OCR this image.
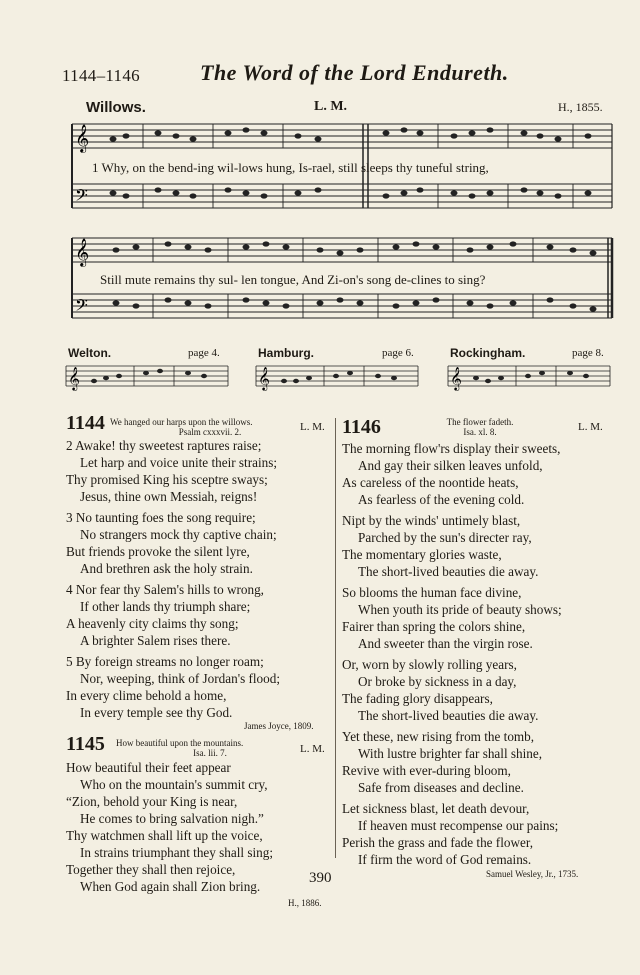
1144–1146	The Word of the Lord Endureth.
Willows.	L. M.	H., 1855.
𝄞
𝄢
1 Why, on the bend-ing wil-lows hung, Is-rael, still sleeps thy tuneful string,
𝄞
𝄢
Still mute remains thy sul- len tongue, And Zi-on's song de-clines to sing?
Welton.	page 4.	Hamburg.	page 6.	Rockingham.	page 8.
𝄞	𝄞	𝄞
1144 We hanged our harps upon the willows.
Psalm cxxxvii. 2.	L. M.
2 Awake! thy sweetest raptures raise;
Let harp and voice unite their strains;
Thy promised King his sceptre sways;
Jesus, thine own Messiah, reigns!
3 No taunting foes the song require;
No strangers mock thy captive chain;
But friends provoke the silent lyre,
And brethren ask the holy strain.
4 Nor fear thy Salem's hills to wrong,
If other lands thy triumph share;
A heavenly city claims thy song;
A brighter Salem rises there.
5 By foreign streams no longer roam;
Nor, weeping, think of Jordan's flood;
In every clime behold a home,
In every temple see thy God.
James Joyce, 1809.
1145 How beautiful upon the mountains.
Isa. lii. 7.	L. M.
How beautiful their feet appear
Who on the mountain's summit cry,
“Zion, behold your King is near,
He comes to bring salvation nigh.”
Thy watchmen shall lift up the voice,
In strains triumphant they shall sing;
Together they shall then rejoice,
When God again shall Zion bring.
H., 1886.
1146	The flower fadeth.
Isa. xl. 8.	L. M.
The morning flow'rs display their sweets,
And gay their silken leaves unfold,
As careless of the noontide heats,
As fearless of the evening cold.
Nipt by the winds' untimely blast,
Parched by the sun's directer ray,
The momentary glories waste,
The short-lived beauties die away.
So blooms the human face divine,
When youth its pride of beauty shows;
Fairer than spring the colors shine,
And sweeter than the virgin rose.
Or, worn by slowly rolling years,
Or broke by sickness in a day,
The fading glory disappears,
The short-lived beauties die away.
Yet these, new rising from the tomb,
With lustre brighter far shall shine,
Revive with ever-during bloom,
Safe from diseases and decline.
Let sickness blast, let death devour,
If heaven must recompense our pains;
Perish the grass and fade the flower,
If firm the word of God remains.
Samuel Wesley, Jr., 1735.
390
